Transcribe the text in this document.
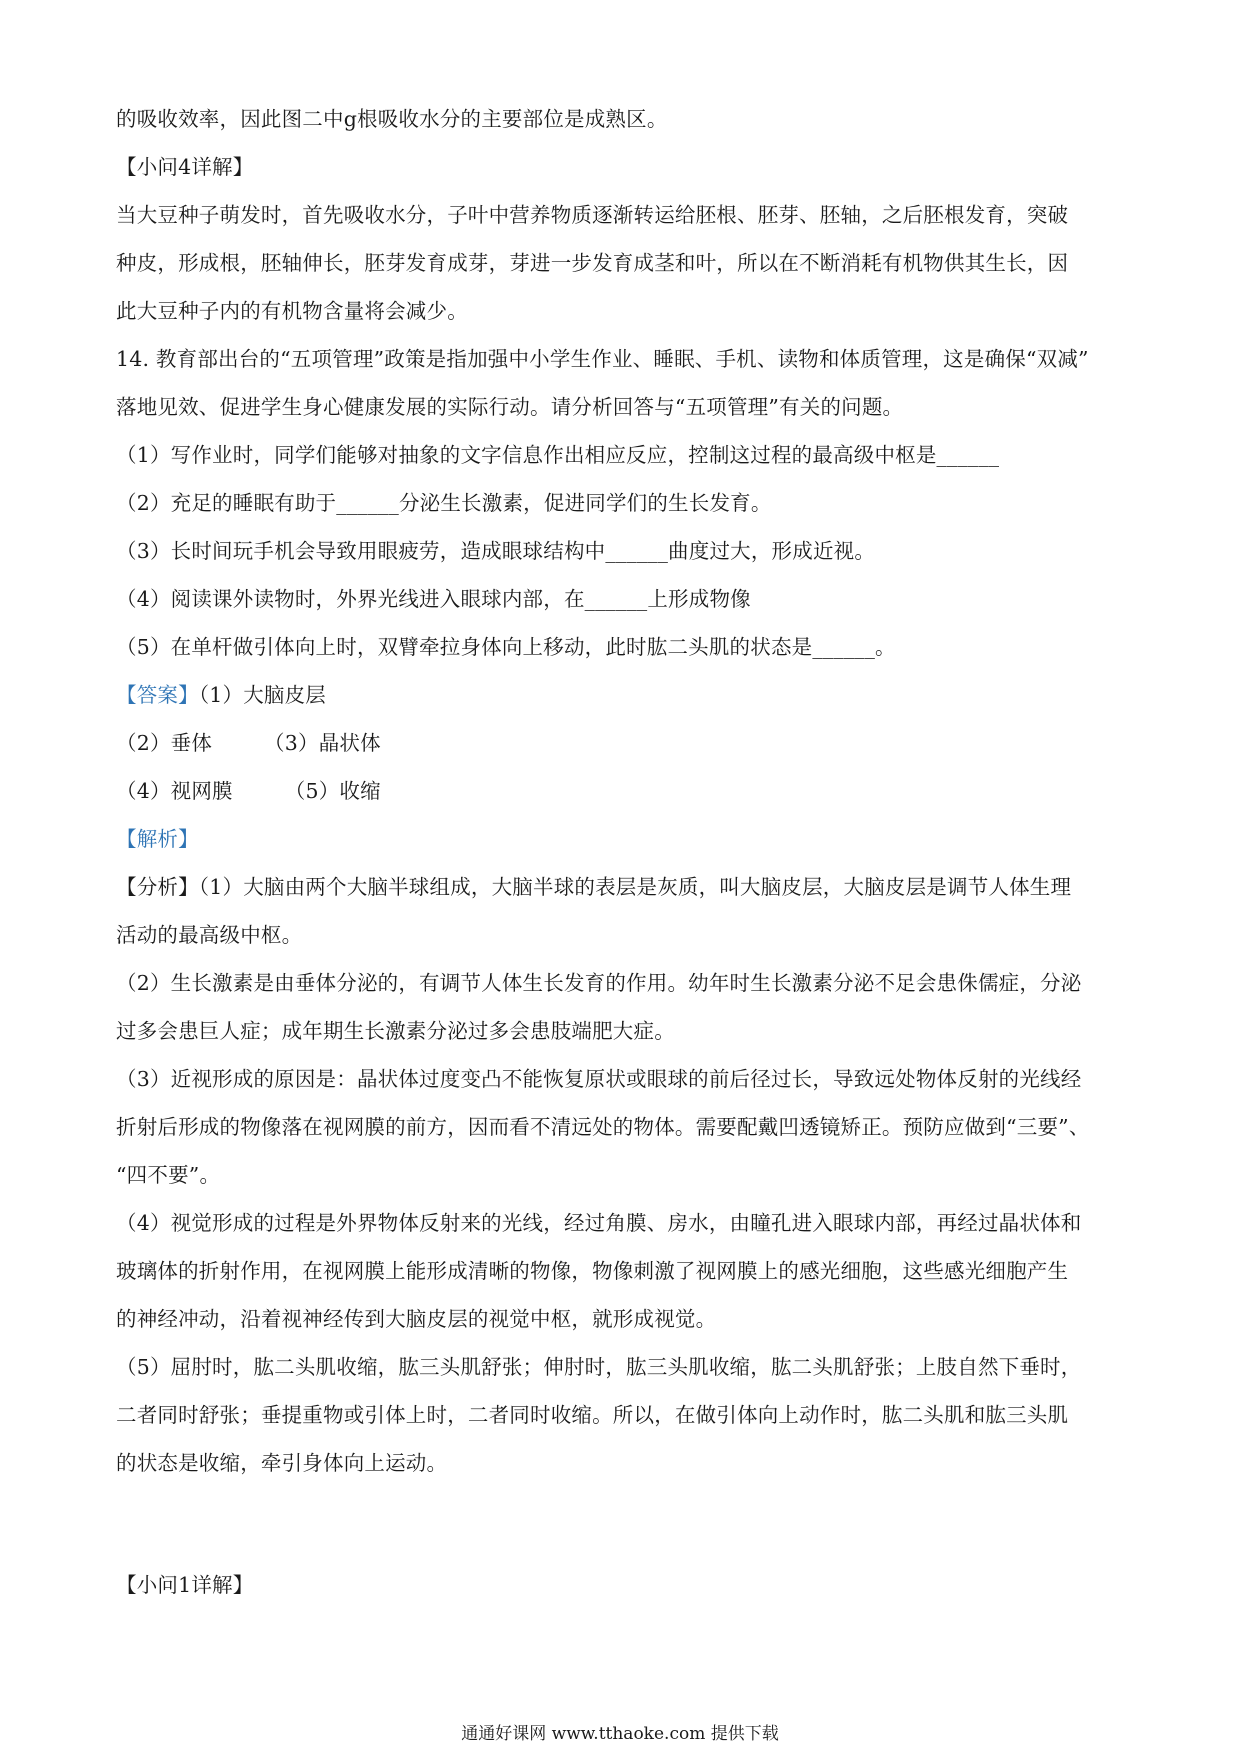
的吸收效率，因此图二中g根吸收水分的主要部位是成熟区。
【小问4详解】
当大豆种子萌发时，首先吸收水分，子叶中营养物质逐渐转运给胚根、胚芽、胚轴，之后胚根发育，突破
种皮，形成根，胚轴伸长，胚芽发育成芽，芽进一步发育成茎和叶，所以在不断消耗有机物供其生长，因
此大豆种子内的有机物含量将会减少。
14. 教育部出台的“五项管理”政策是指加强中小学生作业、睡眠、手机、读物和体质管理，这是确保“双减”
落地见效、促进学生身心健康发展的实际行动。请分析回答与“五项管理”有关的问题。
（1）写作业时，同学们能够对抽象的文字信息作出相应反应，控制这过程的最高级中枢是______
（2）充足的睡眠有助于______分泌生长激素，促进同学们的生长发育。
（3）长时间玩手机会导致用眼疲劳，造成眼球结构中______曲度过大，形成近视。
（4）阅读课外读物时，外界光线进入眼球内部，在______上形成物像
（5）在单杆做引体向上时，双臂牵拉身体向上移动，此时肱二头肌的状态是______。
【答案】（1）大脑皮层
（2）垂体	（3）晶状体
（4）视网膜	（5）收缩
【解析】
【分析】（1）大脑由两个大脑半球组成，大脑半球的表层是灰质，叫大脑皮层，大脑皮层是调节人体生理
活动的最高级中枢。
（2）生长激素是由垂体分泌的，有调节人体生长发育的作用。幼年时生长激素分泌不足会患侏儒症，分泌
过多会患巨人症；成年期生长激素分泌过多会患肢端肥大症。
（3）近视形成的原因是：晶状体过度变凸不能恢复原状或眼球的前后径过长，导致远处物体反射的光线经
折射后形成的物像落在视网膜的前方，因而看不清远处的物体。需要配戴凹透镜矫正。预防应做到“三要”、
“四不要”。
（4）视觉形成的过程是外界物体反射来的光线，经过角膜、房水，由瞳孔进入眼球内部，再经过晶状体和
玻璃体的折射作用，在视网膜上能形成清晰的物像，物像刺激了视网膜上的感光细胞，这些感光细胞产生
的神经冲动，沿着视神经传到大脑皮层的视觉中枢，就形成视觉。
（5）屈肘时，肱二头肌收缩，肱三头肌舒张；伸肘时，肱三头肌收缩，肱二头肌舒张；上肢自然下垂时，
二者同时舒张；垂提重物或引体上时，二者同时收缩。所以，在做引体向上动作时，肱二头肌和肱三头肌
的状态是收缩，牵引身体向上运动。
【小问1详解】
通通好课网 www.tthaoke.com 提供下载
